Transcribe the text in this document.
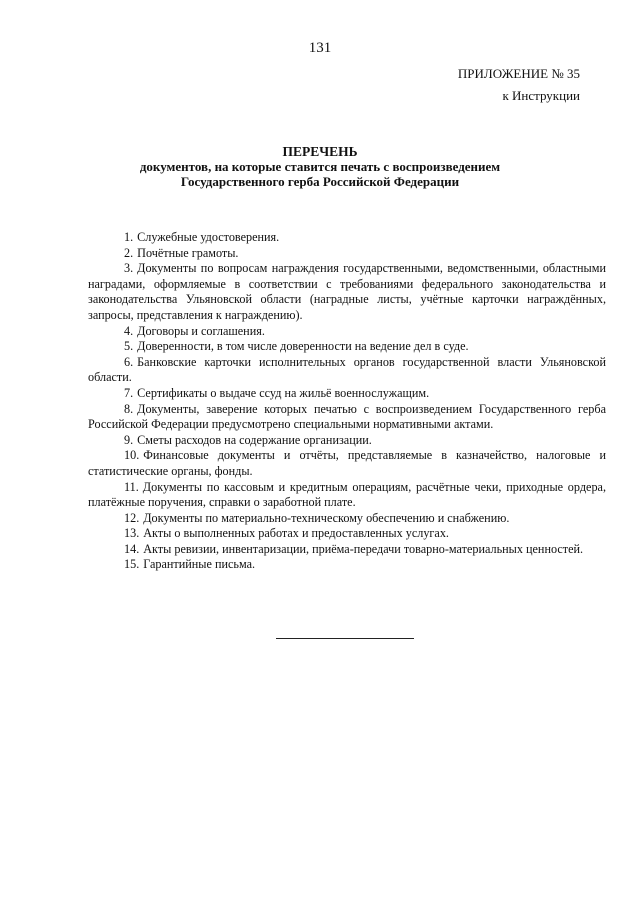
131
ПРИЛОЖЕНИЕ № 35
к Инструкции
ПЕРЕЧЕНЬ
документов, на которые ставится печать с воспроизведением
Государственного герба Российской Федерации

1. Служебные удостоверения.

2. Почётные грамоты.

3. Документы по вопросам награждения государственными, ведомственными, областными наградами, оформляемые в соответствии с требованиями федерального законодательства и законодательства Ульяновской области (наградные листы, учётные карточки награждённых, запросы, представления к награждению).

4. Договоры и соглашения.

5. Доверенности, в том числе доверенности на ведение дел в суде.

6. Банковские карточки исполнительных органов государственной власти Ульяновской области.

7. Сертификаты о выдаче ссуд на жильё военнослужащим.

8. Документы, заверение которых печатью с воспроизведением Государственного герба Российской Федерации предусмотрено специальными нормативными актами.

9. Сметы расходов на содержание организации.

10. Финансовые документы и отчёты, представляемые в казначейство, налоговые и статистические органы, фонды.

11. Документы по кассовым и кредитным операциям, расчётные чеки, приходные ордера, платёжные поручения, справки о заработной плате.

12. Документы по материально-техническому обеспечению и снабжению.

13. Акты о выполненных работах и предоставленных услугах.

14. Акты ревизии, инвентаризации, приёма-передачи товарно-материальных ценностей.

15. Гарантийные письма.
